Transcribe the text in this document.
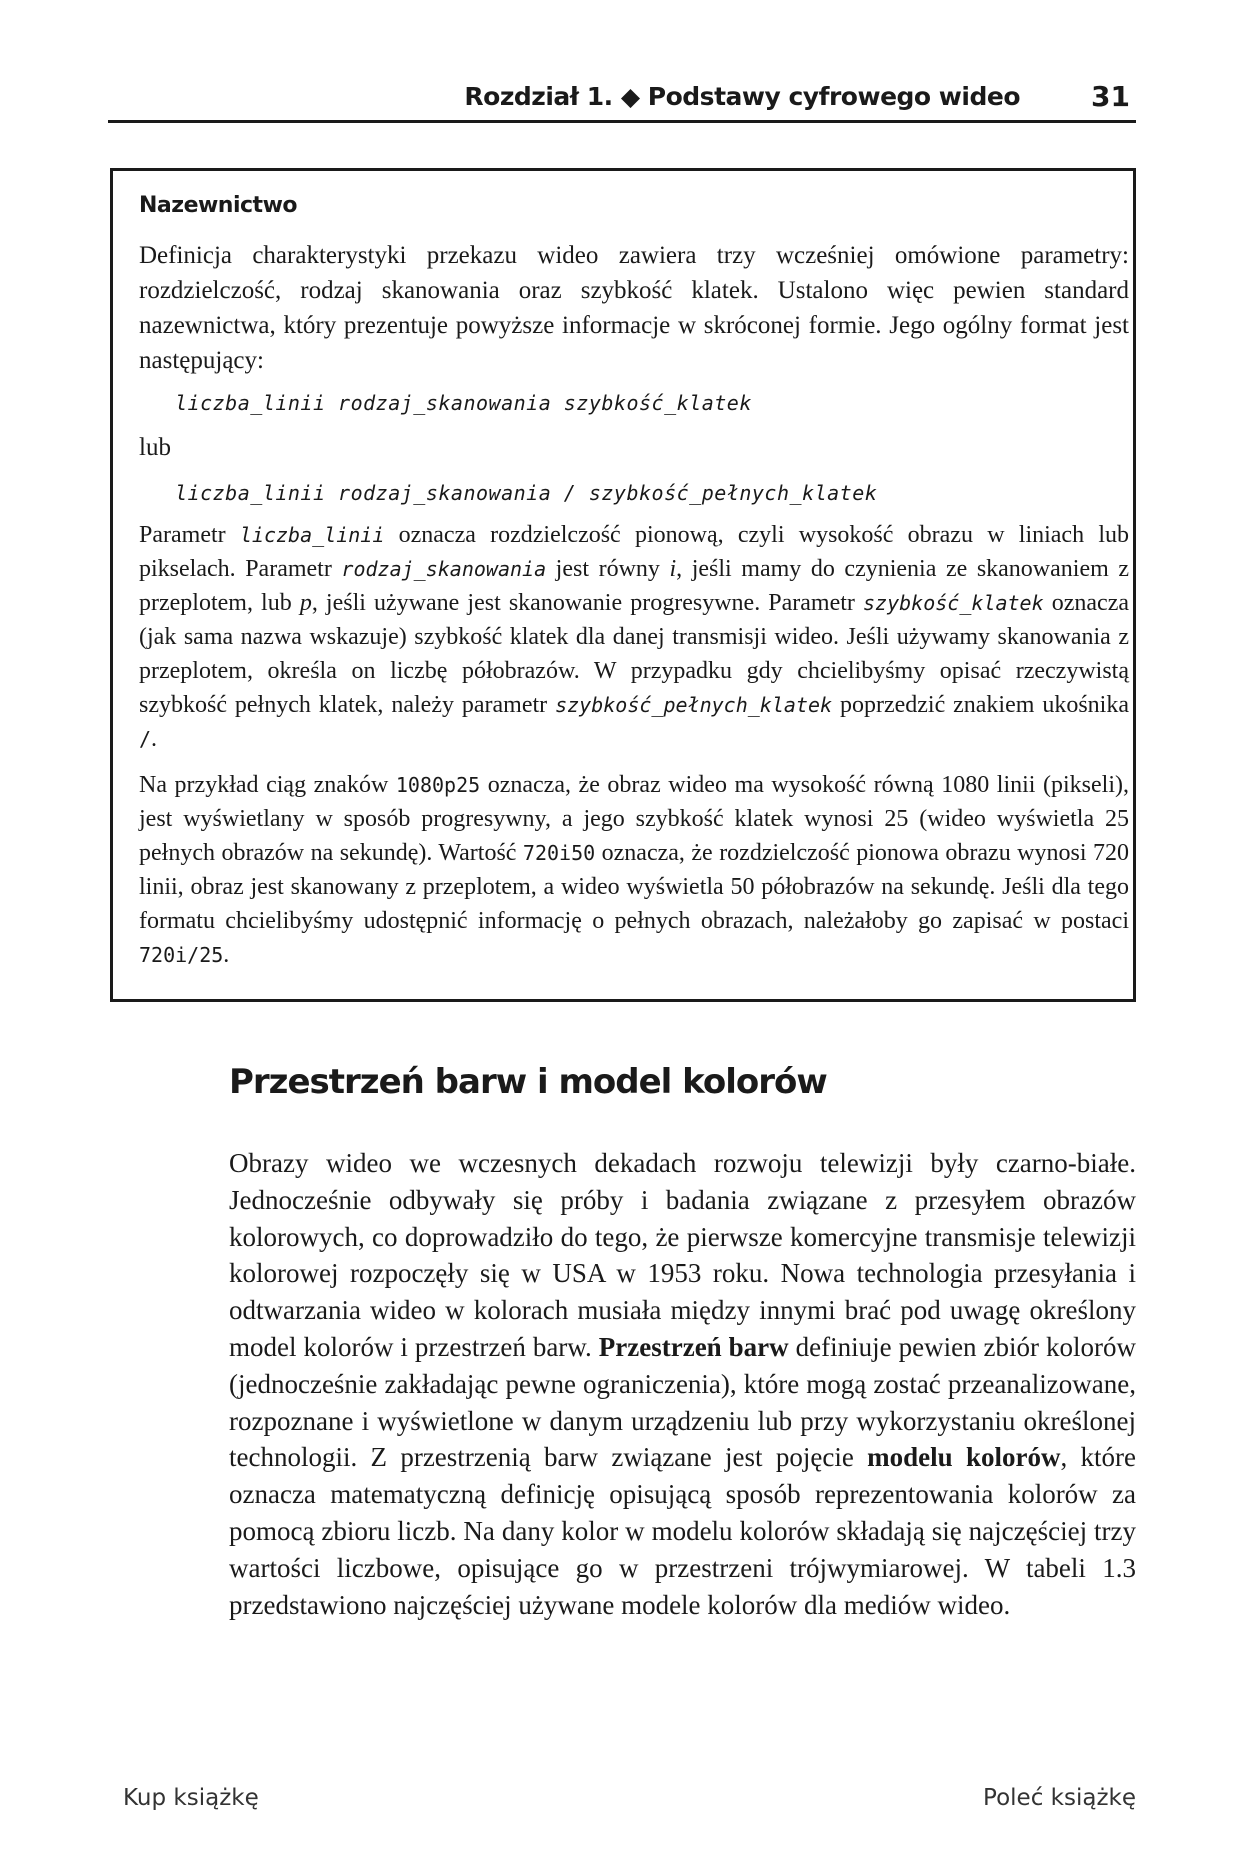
Rozdział 1. ◆ Podstawy cyfrowego wideo	31
Nazewnictwo

Definicja charakterystyki przekazu wideo zawiera trzy wcześniej omówione parametry: rozdzielczość, rodzaj skanowania oraz szybkość klatek. Ustalono więc pewien standard nazewnictwa, który prezentuje powyższe informacje w skróconej formie. Jego ogólny format jest następujący:

liczba_linii rodzaj_skanowania szybkość_klatek

lub

liczba_linii rodzaj_skanowania / szybkość_pełnych_klatek

Parametr liczba_linii oznacza rozdzielczość pionową, czyli wysokość obrazu w liniach lub pikselach. Parametr rodzaj_skanowania jest równy i, jeśli mamy do czynienia ze skanowaniem z przeplotem, lub p, jeśli używane jest skanowanie progresywne. Parametr szybkość_klatek oznacza (jak sama nazwa wskazuje) szybkość klatek dla danej transmisji wideo. Jeśli używamy skanowania z przeplotem, określa on liczbę półobrazów. W przypadku gdy chcielibyśmy opisać rzeczywistą szybkość pełnych klatek, należy parametr szybkość_pełnych_klatek poprzedzić znakiem ukośnika /.

Na przykład ciąg znaków 1080p25 oznacza, że obraz wideo ma wysokość równą 1080 linii (pikseli), jest wyświetlany w sposób progresywny, a jego szybkość klatek wynosi 25 (wideo wyświetla 25 pełnych obrazów na sekundę). Wartość 720i50 oznacza, że rozdzielczość pionowa obrazu wynosi 720 linii, obraz jest skanowany z przeplotem, a wideo wyświetla 50 półobrazów na sekundę. Jeśli dla tego formatu chcielibyśmy udostępnić informację o pełnych obrazach, należałoby go zapisać w postaci 720i/25.

Przestrzeń barw i model kolorów

Obrazy wideo we wczesnych dekadach rozwoju telewizji były czarno-białe. Jednocześnie odbywały się próby i badania związane z przesyłem obrazów kolorowych, co doprowadziło do tego, że pierwsze komercyjne transmisje telewizji kolorowej rozpoczęły się w USA w 1953 roku. Nowa technologia przesyłania i odtwarzania wideo w kolorach musiała między innymi brać pod uwagę określony model kolorów i przestrzeń barw. Przestrzeń barw definiuje pewien zbiór kolorów (jednocześnie zakładając pewne ograniczenia), które mogą zostać przeanalizowane, rozpoznane i wyświetlone w danym urządzeniu lub przy wykorzystaniu określonej technologii. Z przestrzenią barw związane jest pojęcie modelu kolorów, które oznacza matematyczną definicję opisującą sposób reprezentowania kolorów za pomocą zbioru liczb. Na dany kolor w modelu kolorów składają się najczęściej trzy wartości liczbowe, opisujące go w przestrzeni trójwymiarowej. W tabeli 1.3 przedstawiono najczęściej używane modele kolorów dla mediów wideo.

Kup książkę	Poleć książkę
